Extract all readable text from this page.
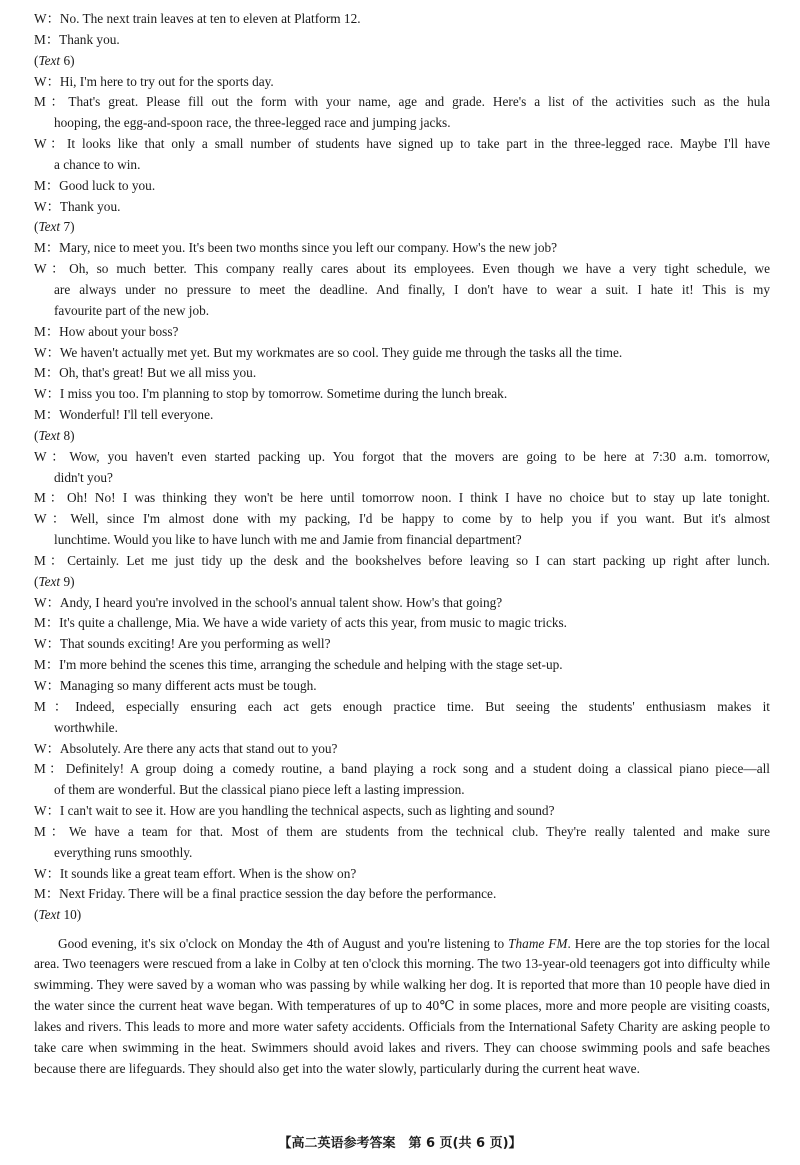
W：No. The next train leaves at ten to eleven at Platform 12.
M：Thank you.
(Text 6)
W：Hi, I'm here to try out for the sports day.
M：That's great. Please fill out the form with your name, age and grade. Here's a list of the activities such as the hula
hooping, the egg-and-spoon race, the three-legged race and jumping jacks.
W：It looks like that only a small number of students have signed up to take part in the three-legged race. Maybe I'll have
a chance to win.
M：Good luck to you.
W：Thank you.
(Text 7)
M：Mary, nice to meet you. It's been two months since you left our company. How's the new job?
W：Oh, so much better. This company really cares about its employees. Even though we have a very tight schedule, we
are always under no pressure to meet the deadline. And finally, I don't have to wear a suit. I hate it! This is my
favourite part of the new job.
M：How about your boss?
W：We haven't actually met yet. But my workmates are so cool. They guide me through the tasks all the time.
M：Oh, that's great! But we all miss you.
W：I miss you too. I'm planning to stop by tomorrow. Sometime during the lunch break.
M：Wonderful! I'll tell everyone.
(Text 8)
W：Wow, you haven't even started packing up. You forgot that the movers are going to be here at 7:30 a.m. tomorrow,
didn't you?
M：Oh! No! I was thinking they won't be here until tomorrow noon. I think I have no choice but to stay up late tonight.
W：Well, since I'm almost done with my packing, I'd be happy to come by to help you if you want. But it's almost
lunchtime. Would you like to have lunch with me and Jamie from financial department?
M：Certainly. Let me just tidy up the desk and the bookshelves before leaving so I can start packing up right after lunch.
(Text 9)
W：Andy, I heard you're involved in the school's annual talent show. How's that going?
M：It's quite a challenge, Mia. We have a wide variety of acts this year, from music to magic tricks.
W：That sounds exciting! Are you performing as well?
M：I'm more behind the scenes this time, arranging the schedule and helping with the stage set-up.
W：Managing so many different acts must be tough.
M：Indeed, especially ensuring each act gets enough practice time. But seeing the students' enthusiasm makes it
worthwhile.
W：Absolutely. Are there any acts that stand out to you?
M：Definitely! A group doing a comedy routine, a band playing a rock song and a student doing a classical piano piece—all
of them are wonderful. But the classical piano piece left a lasting impression.
W：I can't wait to see it. How are you handling the technical aspects, such as lighting and sound?
M：We have a team for that. Most of them are students from the technical club. They're really talented and make sure
everything runs smoothly.
W：It sounds like a great team effort. When is the show on?
M：Next Friday. There will be a final practice session the day before the performance.
(Text 10)
Good evening, it's six o'clock on Monday the 4th of August and you're listening to Thame FM. Here are the top stories for the local area. Two teenagers were rescued from a lake in Colby at ten o'clock this morning. The two 13-year-old teenagers got into difficulty while swimming. They were saved by a woman who was passing by while walking her dog. It is reported that more than 10 people have died in the water since the current heat wave began. With temperatures of up to 40℃ in some places, more and more people are visiting coasts, lakes and rivers. This leads to more and more water safety accidents. Officials from the International Safety Charity are asking people to take care when swimming in the heat. Swimmers should avoid lakes and rivers. They can choose swimming pools and safe beaches because there are lifeguards. They should also get into the water slowly, particularly during the current heat wave.
【高二英语参考答案　第 6 页(共 6 页)】
